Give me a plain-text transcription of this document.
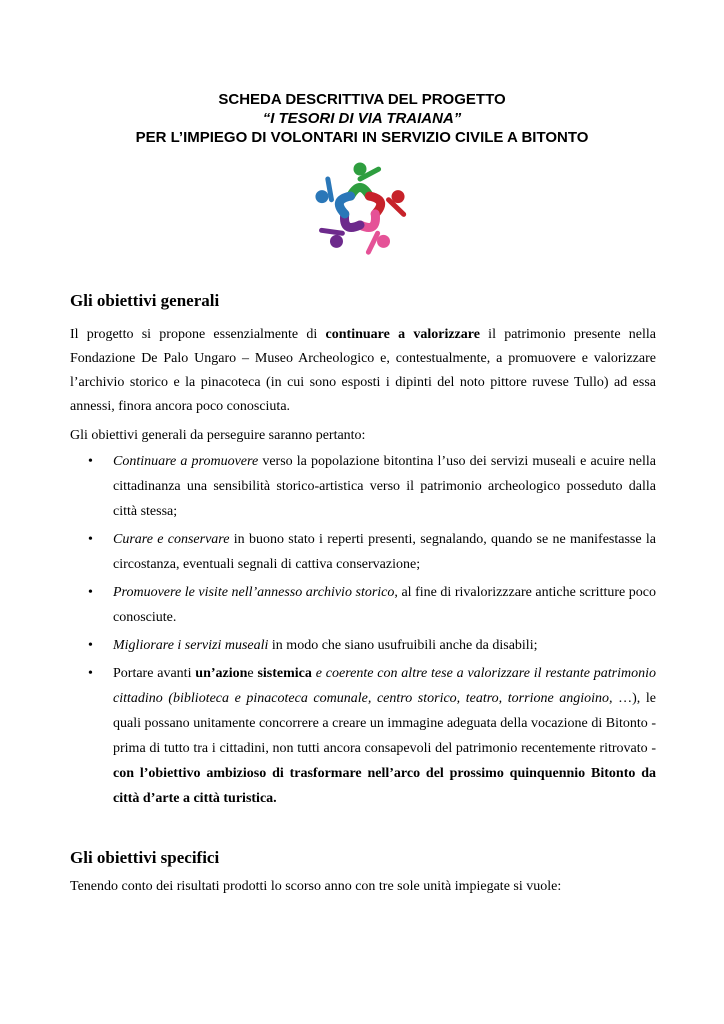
SCHEDA DESCRITTIVA DEL PROGETTO
“I TESORI DI VIA TRAIANA”
PER L’IMPIEGO DI VOLONTARI IN SERVIZIO CIVILE A BITONTO
Gli obiettivi generali
Il progetto si propone essenzialmente di continuare a valorizzare il patrimonio presente nella Fondazione De Palo Ungaro – Museo Archeologico e, contestualmente, a promuovere e valorizzare l’archivio storico e la pinacoteca (in cui sono esposti i dipinti del noto pittore ruvese Tullo) ad essa annessi, finora ancora poco conosciuta.
Gli obiettivi generali da perseguire saranno pertanto:
• Continuare a promuovere verso la popolazione bitontina l’uso dei servizi museali e acuire nella cittadinanza una sensibilità storico-artistica verso il patrimonio archeologico posseduto dalla città stessa;
• Curare e conservare in buono stato i reperti presenti, segnalando, quando se ne manifestasse la circostanza, eventuali segnali di cattiva conservazione;
• Promuovere le visite nell’annesso archivio storico, al fine di rivalorizzzare antiche scritture poco conosciute.
• Migliorare i servizi museali in modo che siano usufruibili anche da disabili;
• Portare avanti un’azione sistemica e coerente con altre tese a valorizzare il restante patrimonio cittadino (biblioteca e pinacoteca comunale, centro storico, teatro, torrione angioino, …), le quali possano unitamente concorrere a creare un immagine adeguata della vocazione di Bitonto - prima di tutto tra i cittadini, non tutti ancora consapevoli del patrimonio recentemente ritrovato - con l’obiettivo ambizioso di trasformare nell’arco del prossimo quinquennio Bitonto da città d’arte a città turistica.
Gli obiettivi specifici
Tenendo conto dei risultati prodotti lo scorso anno con tre sole unità impiegate si vuole:
